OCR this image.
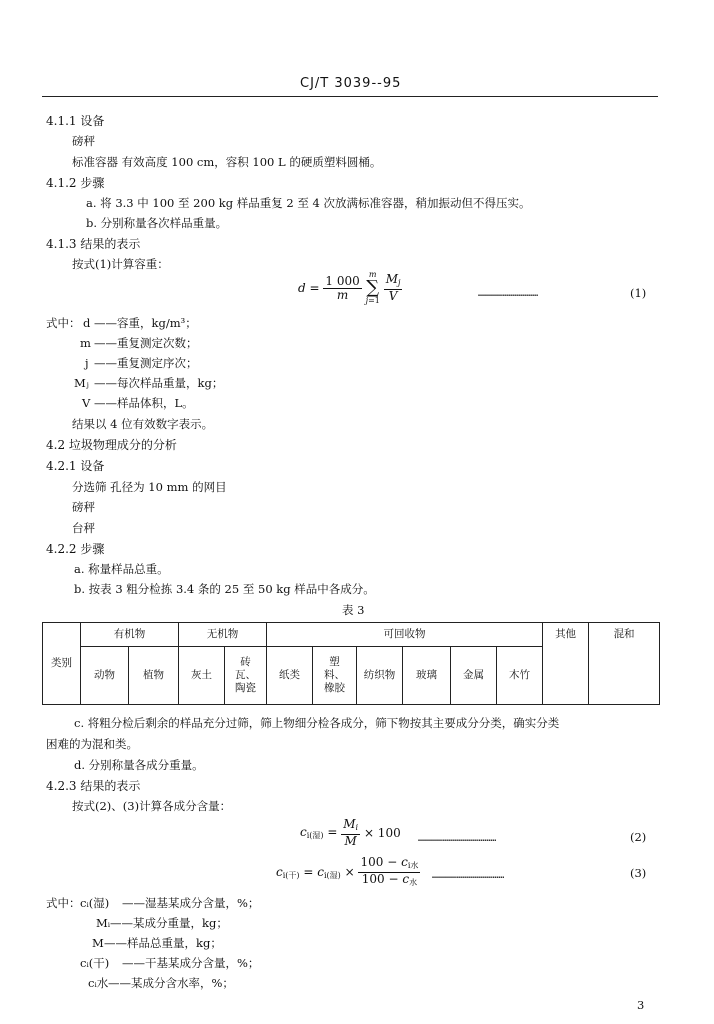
CJ/T 3039--95
4.1.1 设备
磅秤
标准容器 有效高度 100 cm，容积 100 L 的硬质塑料圆桶。
4.1.2 步骤
a. 将 3.3 中 100 至 200 kg 样品重复 2 至 4 次放满标准容器，稍加振动但不得压实。
b. 分别称量各次样品重量。
4.1.3 结果的表示
按式(1)计算容重：
$d = \frac{1 000}{m}$
m
∑
j=1
$\frac{M_j}{V}$	…………………………	(1)
式中： d ——容重，kg/m³；
m ——重复测定次数；
j ——重复测定序次；
Mⱼ ——每次样品重量，kg；
V ——样品体积，L。
结果以 4 位有效数字表示。
4.2 垃圾物理成分的分析
4.2.1 设备
分选筛 孔径为 10 mm 的网目
磅秤
台秤
4.2.2 步骤
a. 称量样品总重。
b. 按表 3 粗分检拣 3.4 条的 25 至 50 kg 样品中各成分。
表 3
类别	有机物		无机物		可回收物						其他	混和
	动物	植物	灰土	砖瓦、陶瓷	纸类	塑料、橡胶	纺织物	玻璃	金属	木竹		
c. 将粗分检后剩余的样品充分过筛，筛上物细分检各成分，筛下物按其主要成分分类，确实分类
困难的为混和类。
d. 分别称量各成分重量。
4.2.3 结果的表示
按式(2)、(3)计算各成分含量：
$c_{i(湿)} = \frac{M_i}{M} \times 100$ …………………………………	(2)
$c_{i(干)} = c_{i(湿)} \times \frac{100 - c_{i水}}{100 - c_水}$ ………………………………	(3)
式中： cᵢ(湿) ——湿基某成分含量，%；
Mᵢ ——某成分重量，kg；
M ——样品总重量，kg；
cᵢ(干) ——干基某成分含量，%；
cᵢ水 ——某成分含水率，%；
3
